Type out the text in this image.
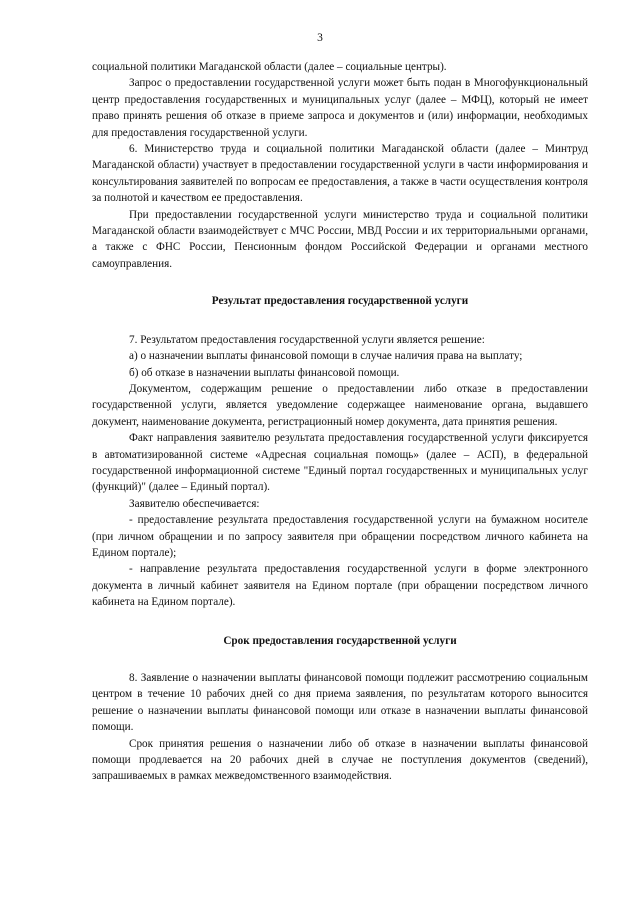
3

социальной политики Магаданской области (далее – социальные центры).

Запрос о предоставлении государственной услуги может быть подан в Многофункциональный центр предоставления государственных и муниципальных услуг (далее – МФЦ), который не имеет право принять решения об отказе в приеме запроса и документов и (или) информации, необходимых для предоставления государственной услуги.

6. Министерство труда и социальной политики Магаданской области (далее – Минтруд Магаданской области) участвует в предоставлении государственной услуги в части информирования и консультирования заявителей по вопросам ее предоставления, а также в части осуществления контроля за полнотой и качеством ее предоставления.

При предоставлении государственной услуги министерство труда и социальной политики Магаданской области взаимодействует с МЧС России, МВД России и их территориальными органами, а также с ФНС России, Пенсионным фондом Российской Федерации и органами местного самоуправления.

Результат предоставления государственной услуги

7. Результатом предоставления государственной услуги является решение:

а) о назначении выплаты финансовой помощи в случае наличия права на выплату;

б) об отказе в назначении выплаты финансовой помощи.

Документом, содержащим решение о предоставлении либо отказе в предоставлении государственной услуги, является уведомление содержащее наименование органа, выдавшего документ, наименование документа, регистрационный номер документа, дата принятия решения.

Факт направления заявителю результата предоставления государственной услуги фиксируется в автоматизированной системе «Адресная социальная помощь» (далее – АСП), в федеральной государственной информационной системе "Единый портал государственных и муниципальных услуг (функций)" (далее – Единый портал).

Заявителю обеспечивается:

- предоставление результата предоставления государственной услуги на бумажном носителе (при личном обращении и по запросу заявителя при обращении посредством личного кабинета на Едином портале);

- направление результата предоставления государственной услуги в форме электронного документа в личный кабинет заявителя на Едином портале (при обращении посредством личного кабинета на Едином портале).

Срок предоставления государственной услуги

8. Заявление о назначении выплаты финансовой помощи подлежит рассмотрению социальным центром в течение 10 рабочих дней со дня приема заявления, по результатам которого выносится решение о назначении выплаты финансовой помощи или отказе в назначении выплаты финансовой помощи.

Срок принятия решения о назначении либо об отказе в назначении выплаты финансовой помощи продлевается на 20 рабочих дней в случае не поступления документов (сведений), запрашиваемых в рамках межведомственного взаимодействия.
